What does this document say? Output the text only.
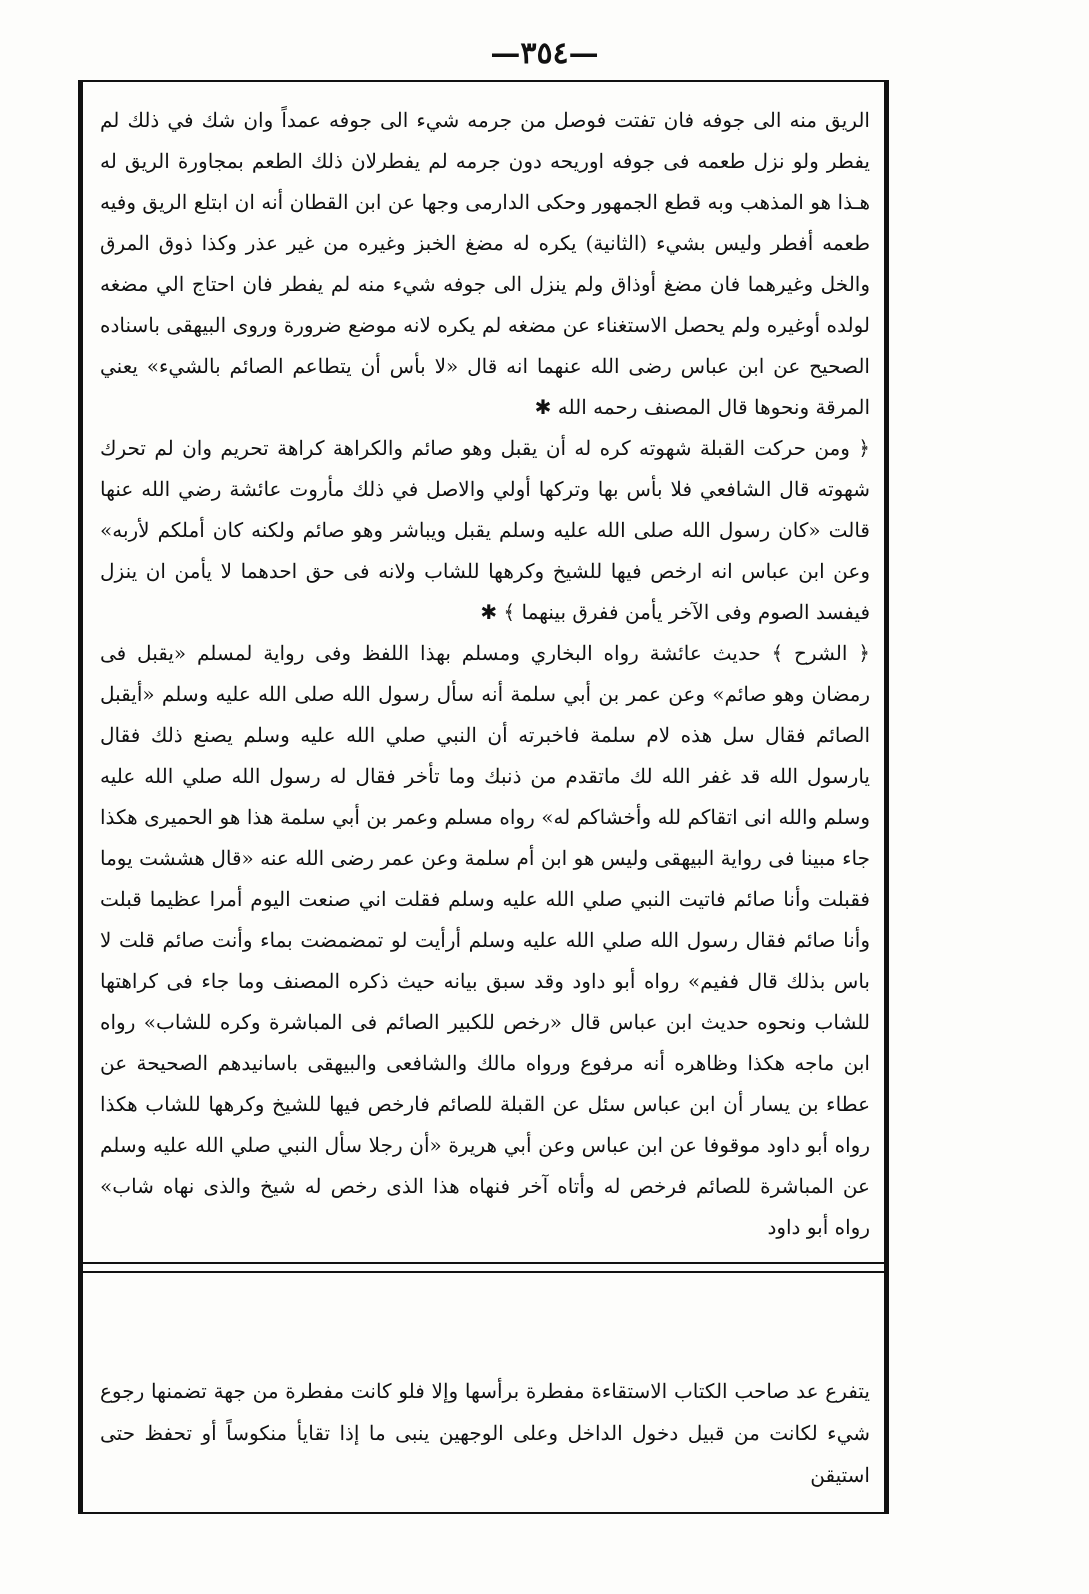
—٣٥٤—

الريق منه الى جوفه فان تفتت فوصل من جرمه شيء الى جوفه عمداً وان شك في ذلك لم يفطر ولو نزل طعمه فى جوفه اوريحه دون جرمه لم يفطرلان ذلك الطعم بمجاورة الريق له هـذا هو المذهب وبه قطع الجمهور وحكى الدارمى وجها عن ابن القطان أنه ان ابتلع الريق وفيه طعمه أفطر وليس بشيء (الثانية) يكره له مضغ الخبز وغيره من غير عذر وكذا ذوق المرق والخل وغيرهما فان مضغ أوذاق ولم ينزل الى جوفه شيء منه لم يفطر فان احتاج الي مضغه لولده أوغيره ولم يحصل الاستغناء عن مضغه لم يكره لانه موضع ضرورة وروى البيهقى باسناده الصحيح عن ابن عباس رضى الله عنهما انه قال «لا بأس أن يتطاعم الصائم بالشيء» يعني المرقة ونحوها قال المصنف رحمه الله ✱

﴿ ومن حركت القبلة شهوته كره له أن يقبل وهو صائم والكراهة كراهة تحريم وان لم تحرك شهوته قال الشافعي فلا بأس بها وتركها أولي والاصل في ذلك مأروت عائشة رضي الله عنها قالت «كان رسول الله صلى الله عليه وسلم يقبل ويباشر وهو صائم ولكنه كان أملكم لأربه» وعن ابن عباس انه ارخص فيها للشيخ وكرهها للشاب ولانه فى حق احدهما لا يأمن ان ينزل فيفسد الصوم وفى الآخر يأمن ففرق بينهما ﴾ ✱

﴿ الشرح ﴾ حديث عائشة رواه البخاري ومسلم بهذا اللفظ وفى رواية لمسلم «يقبل فى رمضان وهو صائم» وعن عمر بن أبي سلمة أنه سأل رسول الله صلى الله عليه وسلم «أيقبل الصائم فقال سل هذه لام سلمة فاخبرته أن النبي صلي الله عليه وسلم يصنع ذلك فقال يارسول الله قد غفر الله لك ماتقدم من ذنبك وما تأخر فقال له رسول الله صلي الله عليه وسلم والله انى اتقاكم لله وأخشاكم له» رواه مسلم وعمر بن أبي سلمة هذا هو الحميرى هكذا جاء مبينا فى رواية البيهقى وليس هو ابن أم سلمة وعن عمر رضى الله عنه «قال هششت يوما فقبلت وأنا صائم فاتيت النبي صلي الله عليه وسلم فقلت اني صنعت اليوم أمرا عظيما قبلت وأنا صائم فقال رسول الله صلي الله عليه وسلم أرأيت لو تمضمضت بماء وأنت صائم قلت لا باس بذلك قال ففيم» رواه أبو داود وقد سبق بيانه حيث ذكره المصنف وما جاء فى كراهتها للشاب ونحوه حديث ابن عباس قال «رخص للكبير الصائم فى المباشرة وكره للشاب» رواه ابن ماجه هكذا وظاهره أنه مرفوع ورواه مالك والشافعى والبيهقى باسانيدهم الصحيحة عن عطاء بن يسار أن ابن عباس سئل عن القبلة للصائم فارخص فيها للشيخ وكرهها للشاب هكذا رواه أبو داود موقوفا عن ابن عباس وعن أبي هريرة «أن رجلا سأل النبي صلي الله عليه وسلم عن المباشرة للصائم فرخص له وأتاه آخر فنهاه هذا الذى رخص له شيخ والذى نهاه شاب» رواه أبو داود

يتفرع عد صاحب الكتاب الاستقاءة مفطرة برأسها وإلا فلو كانت مفطرة من جهة تضمنها رجوع شيء لكانت من قبيل دخول الداخل وعلى الوجهين ينبى ما إذا تقايأ منكوساً أو تحفظ حتى استيقن
